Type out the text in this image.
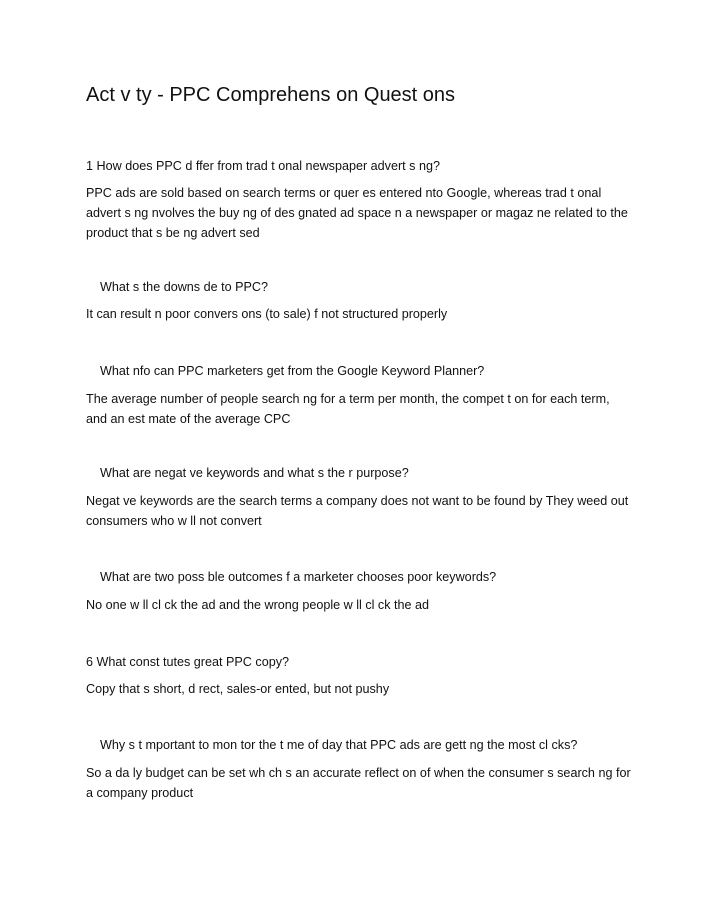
Act v ty - PPC Comprehens on Quest ons
1 How does PPC d ffer from trad t onal newspaper advert s ng?
PPC ads are sold based on search terms or quer es entered nto Google, whereas trad t onal advert s ng nvolves the buy ng of des gnated ad space n a newspaper or magaz ne related to the product that s be ng advert sed
What s the downs de to PPC?
It can result n poor convers ons (to sale) f not structured properly
What nfo can PPC marketers get from the Google Keyword Planner?
The average number of people search ng for a term per month, the compet t on for each term, and an est mate of the average CPC
What are negat ve keywords and what s the r purpose?
Negat ve keywords are the search terms a company does not want to be found by They weed out consumers who w ll not convert
What are two poss ble outcomes f a marketer chooses poor keywords?
No one w ll cl ck the ad and the wrong people w ll cl ck the ad
6 What const tutes great PPC copy?
Copy that s short, d rect, sales-or ented, but not pushy
Why s t mportant to mon tor the t me of day that PPC ads are gett ng the most cl cks?
So a da ly budget can be set wh ch s an accurate reflect on of when the consumer s search ng for a company product
